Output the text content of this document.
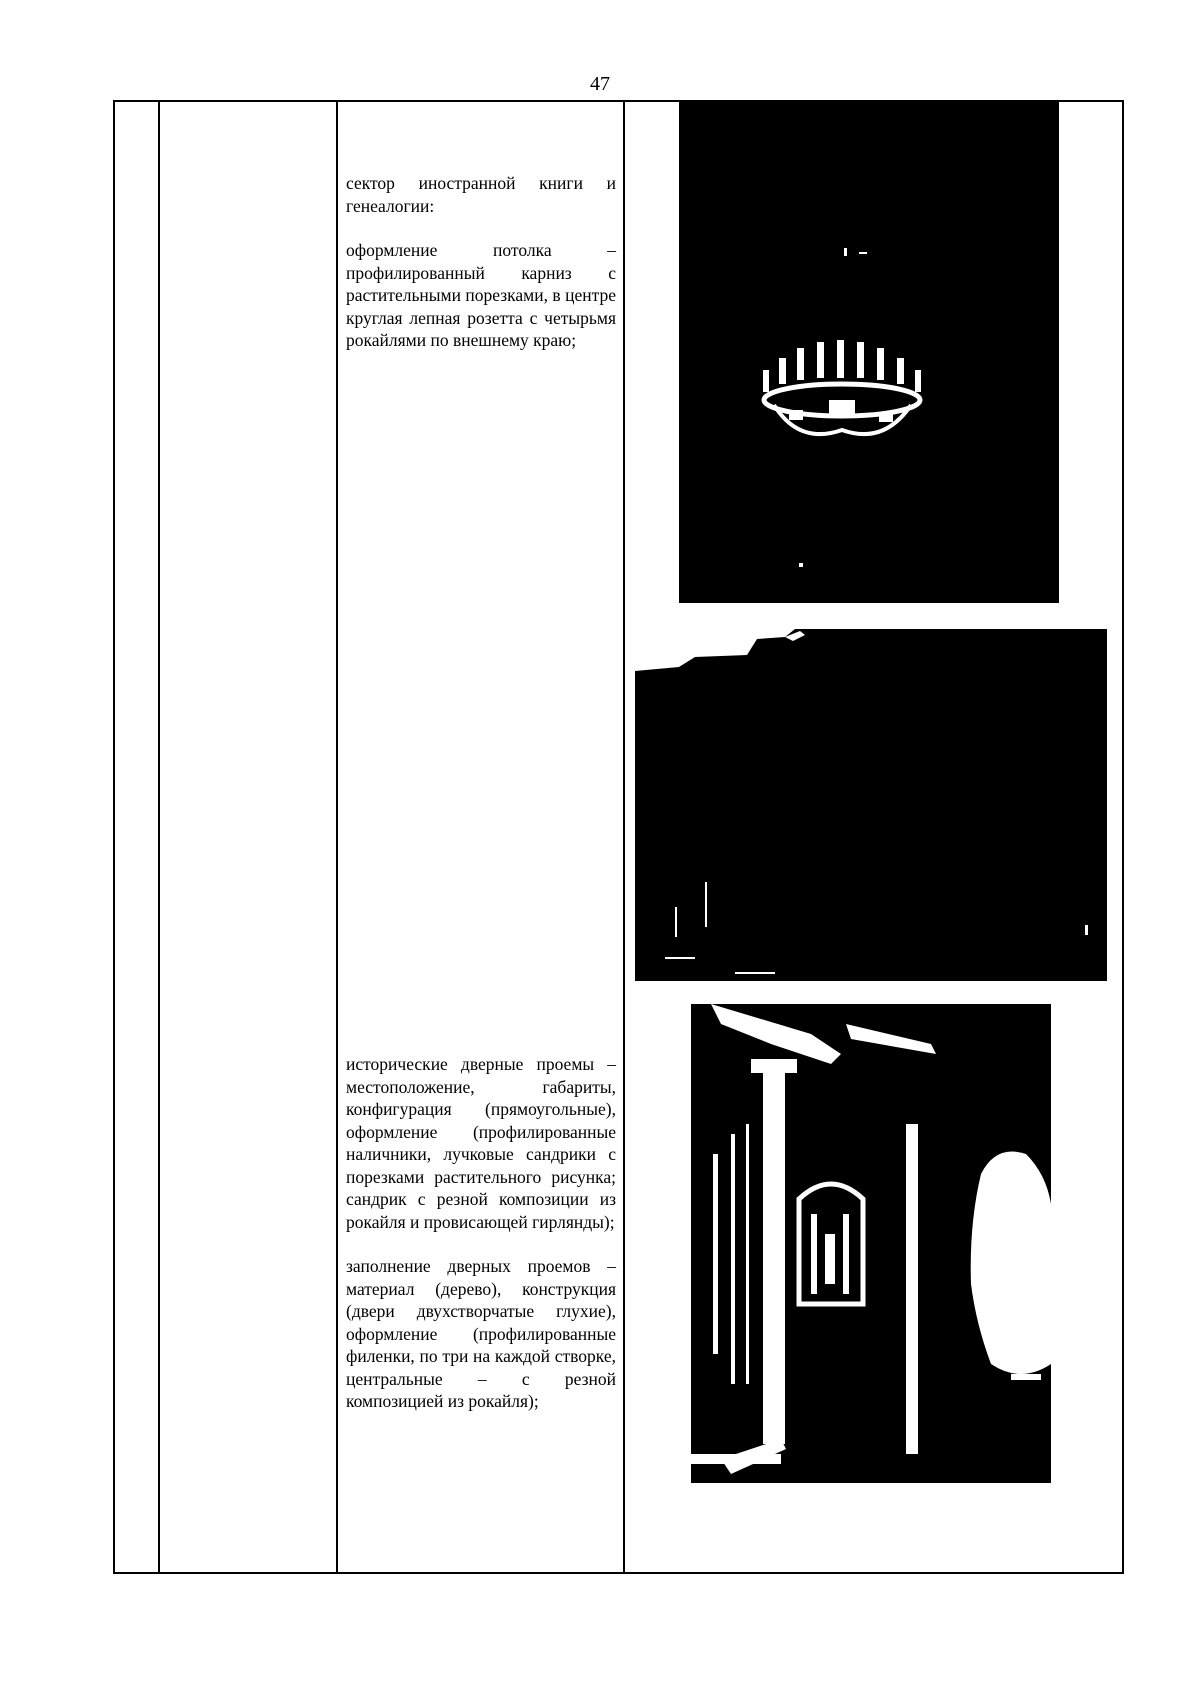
47

сектор иностранной книги и генеалогии:

оформление потолка – профилированный карниз с растительными порезками, в центре круглая лепная розетта с четырьмя рокайлями по внешнему краю;

исторические дверные проемы – местоположение, габариты, конфигурация (прямоугольные), оформление (профилированные наличники, лучковые сандрики с порезками растительного рисунка; сандрик с резной композиции из рокайля и провисающей гирлянды);

заполнение дверных проемов – материал (дерево), конструкция (двери двухстворчатые глухие), оформление (профилированные филенки, по три на каждой створке, центральные – с резной композицией из рокайля);
